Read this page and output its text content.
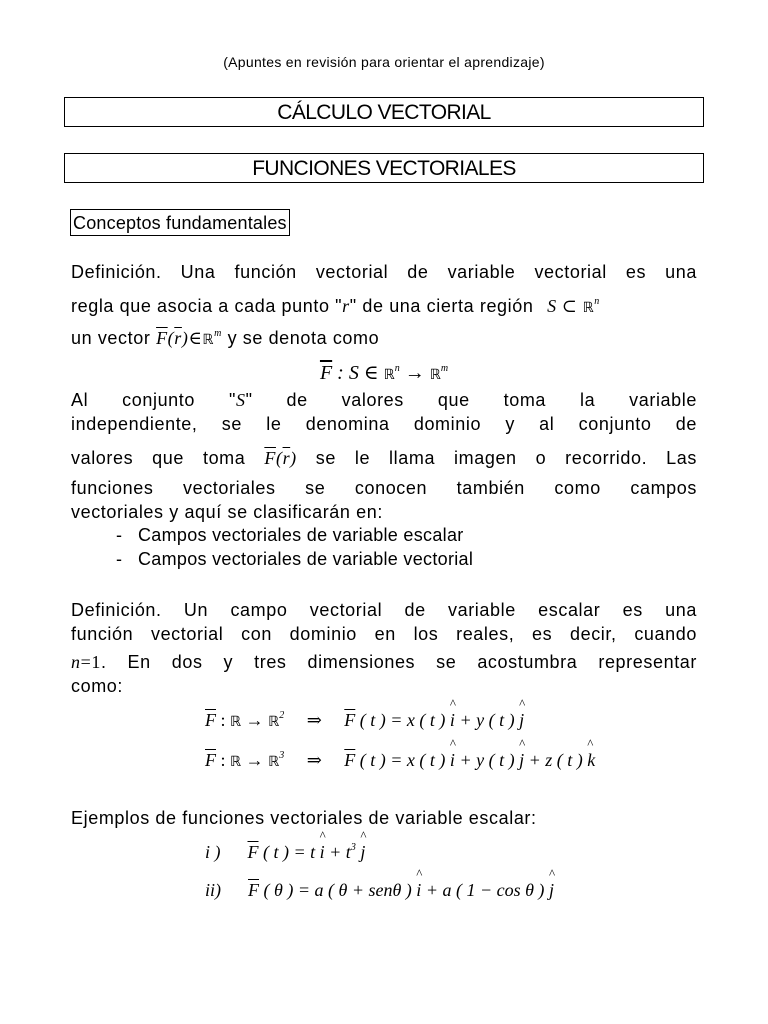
(Apuntes en revisión para orientar el aprendizaje)
CÁLCULO VECTORIAL
FUNCIONES VECTORIALES
Conceptos fundamentales
Definición. Una función vectorial de variable vectorial es una
regla que asocia a cada punto "r" de una cierta región S ⊂ ℝ$^n$
un vector $\overline{F}(\overline{r})\in ℝ^m$ y se denota como
$\overline{F}$ : S ∈ ℝ$^n$ → ℝ$^m$
Al conjunto "S" de valores que toma la variable
independiente, se le denomina dominio y al conjunto de
valores que toma $\overline{F}(\overline{r})$ se le llama imagen o recorrido. Las
funciones vectoriales se conocen también como campos
vectoriales y aquí se clasificarán en:
- Campos vectoriales de variable escalar
- Campos vectoriales de variable vectorial
Definición. Un campo vectorial de variable escalar es una
función vectorial con dominio en los reales, es decir, cuando
n=1. En dos y tres dimensiones se acostumbra representar
como:
$\overline{F}$ : ℝ → ℝ$^2$     ⇒     $\overline{F}$ ( t ) = x ( t ) ^ i + y ( t ) ^ j
$\overline{F}$ : ℝ → ℝ$^3$     ⇒     $\overline{F}$ ( t ) = x ( t ) ^ i + y ( t ) ^ j + z ( t ) ^ k
Ejemplos de funciones vectoriales de variable escalar:
i ) $\overline{F}$ ( t ) = t ^ $i + t^3$ ^ j
ii) $\overline{F}$ ( θ ) = a ( θ + senθ ) ^ i + a ( 1 − cos θ ) ^ j
